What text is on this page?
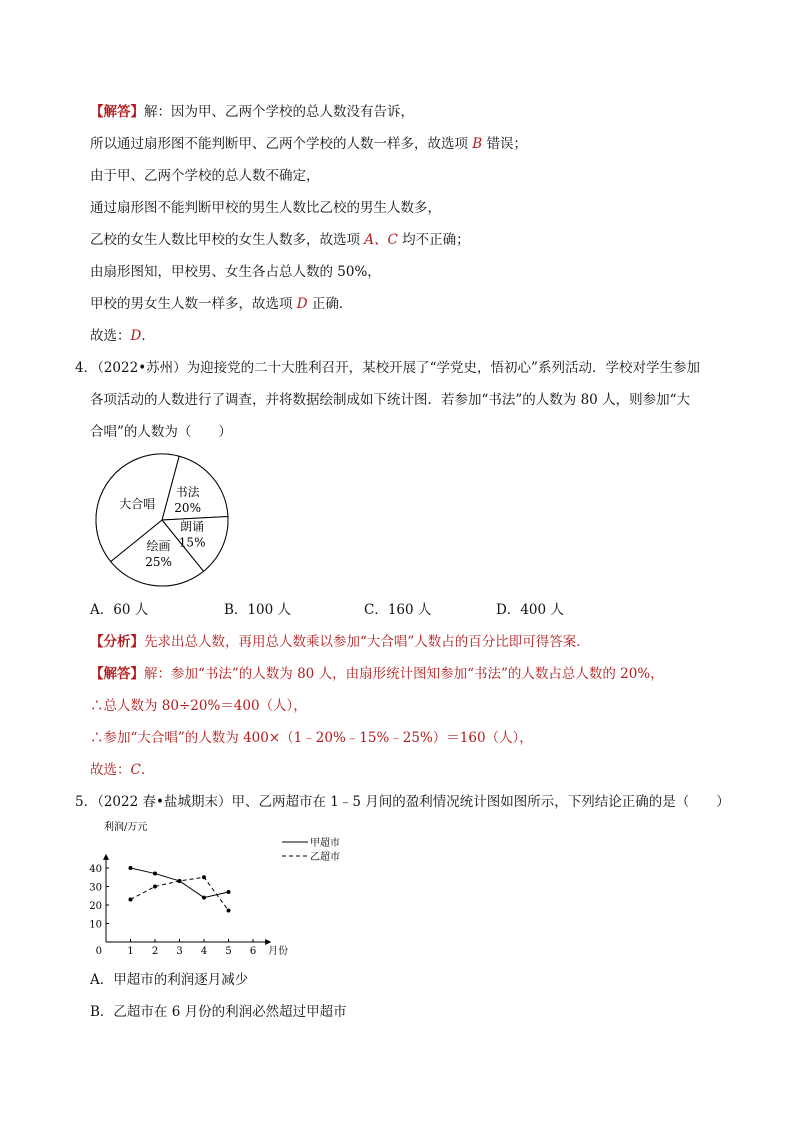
【解答】解：因为甲、乙两个学校的总人数没有告诉，
所以通过扇形图不能判断甲、乙两个学校的人数一样多，故选项 B 错误；
由于甲、乙两个学校的总人数不确定，
通过扇形图不能判断甲校的男生人数比乙校的男生人数多，
乙校的女生人数比甲校的女生人数多，故选项 A、C 均不正确；
由扇形图知，甲校男、女生各占总人数的 50%，
甲校的男女生人数一样多，故选项 D 正确．
故选：D．
4．（2022•苏州）为迎接党的二十大胜利召开，某校开展了“学党史，悟初心”系列活动．学校对学生参加
各项活动的人数进行了调查，并将数据绘制成如下统计图．若参加“书法”的人数为 80 人，则参加“大
合唱”的人数为（　　）
书法
20%
朗诵
15%
绘画
25%
大合唱
A．60 人	B．100 人	C．160 人	D．400 人
【分析】先求出总人数，再用总人数乘以参加“大合唱”人数占的百分比即可得答案．
【解答】解：参加“书法”的人数为 80 人，由扇形统计图知参加“书法”的人数占总人数的 20%，
∴总人数为 80÷20%＝400（人），
∴参加“大合唱”的人数为 400×（1﹣20%﹣15%﹣25%）＝160（人），
故选：C．
5．（2022 春•盐城期末）甲、乙两超市在 1﹣5 月间的盈利情况统计图如图所示，下列结论正确的是（　　）
0	1 2 3 4 5 6
10
20
30
40
利润/万元
月份
甲超市
乙超市
A．甲超市的利润逐月减少
B．乙超市在 6 月份的利润必然超过甲超市
